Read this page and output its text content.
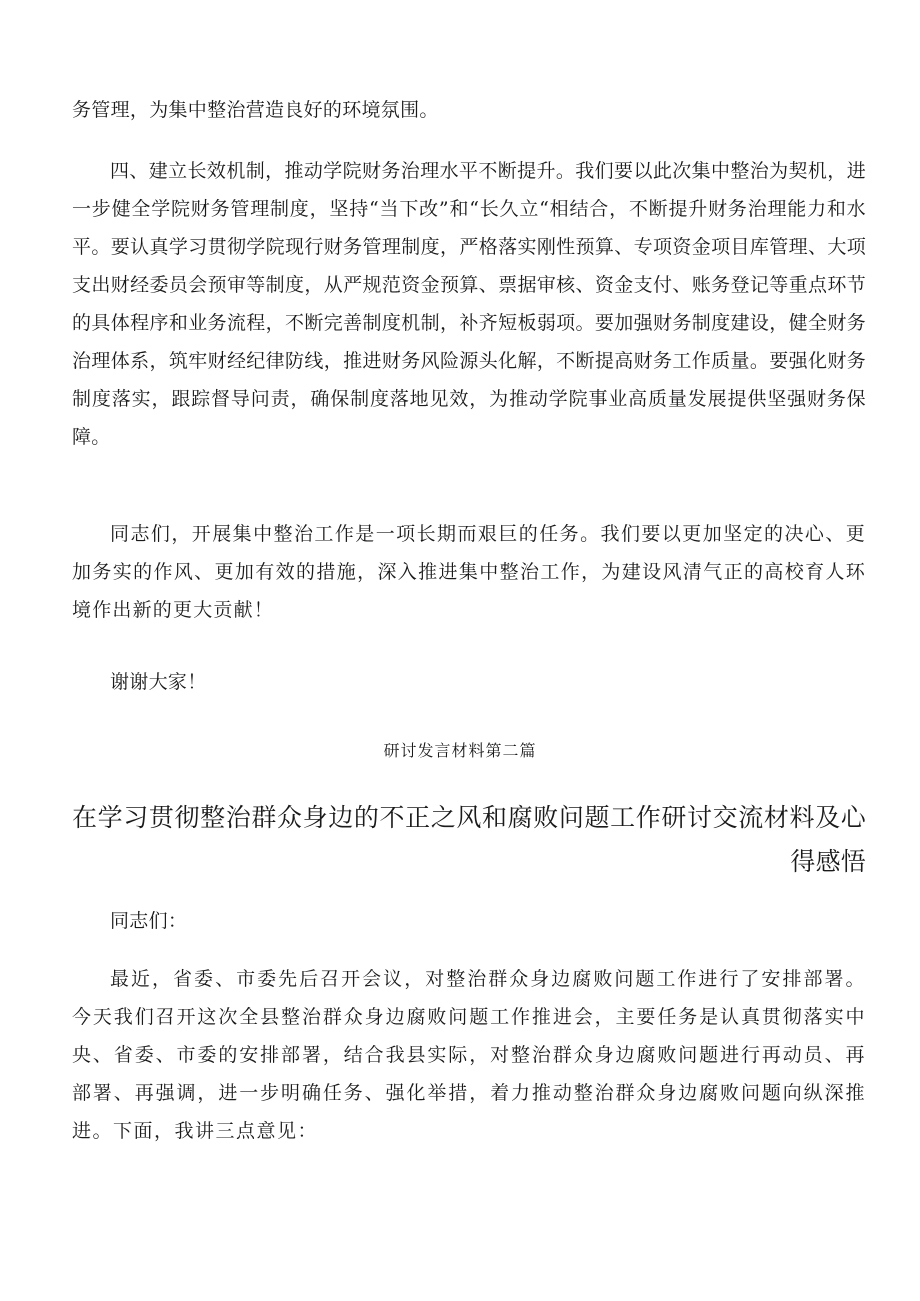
务管理，为集中整治营造良好的环境氛围。

四、建立长效机制，推动学院财务治理水平不断提升。我们要以此次集中整治为契机，进一步健全学院财务管理制度，坚持“当下改”和“长久立“相结合，不断提升财务治理能力和水平。要认真学习贯彻学院现行财务管理制度，严格落实刚性预算、专项资金项目库管理、大项支出财经委员会预审等制度，从严规范资金预算、票据审核、资金支付、账务登记等重点环节的具体程序和业务流程，不断完善制度机制，补齐短板弱项。要加强财务制度建设，健全财务治理体系，筑牢财经纪律防线，推进财务风险源头化解，不断提高财务工作质量。要强化财务制度落实，跟踪督导问责，确保制度落地见效，为推动学院事业高质量发展提供坚强财务保障。

同志们，开展集中整治工作是一项长期而艰巨的任务。我们要以更加坚定的决心、更加务实的作风、更加有效的措施，深入推进集中整治工作，为建设风清气正的高校育人环境作出新的更大贡献！

谢谢大家！

研讨发言材料第二篇

在学习贯彻整治群众身边的不正之风和腐败问题工作研讨交流材料及心得感悟

同志们：

最近，省委、市委先后召开会议，对整治群众身边腐败问题工作进行了安排部署。今天我们召开这次全县整治群众身边腐败问题工作推进会，主要任务是认真贯彻落实中央、省委、市委的安排部署，结合我县实际，对整治群众身边腐败问题进行再动员、再部署、再强调，进一步明确任务、强化举措，着力推动整治群众身边腐败问题向纵深推进。下面，我讲三点意见：
